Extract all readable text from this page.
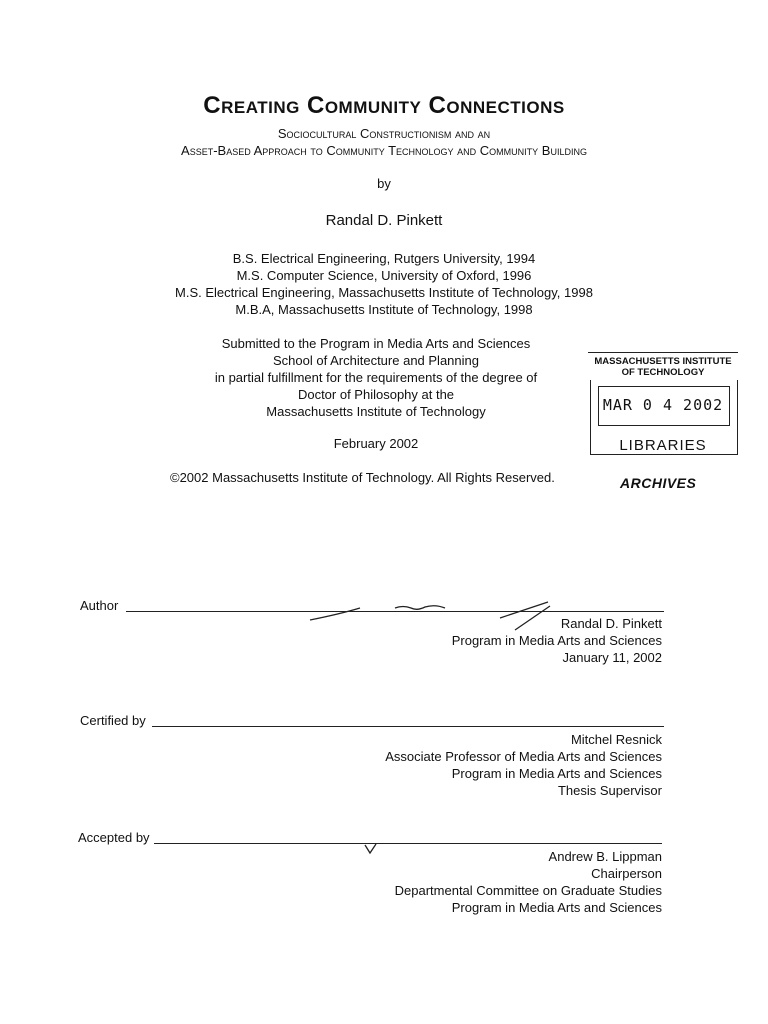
Creating Community Connections
Sociocultural Constructionism and an
Asset-Based Approach to Community Technology and Community Building
by
Randal D. Pinkett
B.S. Electrical Engineering, Rutgers University, 1994
M.S. Computer Science, University of Oxford, 1996
M.S. Electrical Engineering, Massachusetts Institute of Technology, 1998
M.B.A, Massachusetts Institute of Technology, 1998
Submitted to the Program in Media Arts and Sciences
School of Architecture and Planning
in partial fulfillment for the requirements of the degree of
Doctor of Philosophy at the
Massachusetts Institute of Technology
February 2002
©2002 Massachusetts Institute of Technology. All Rights Reserved.
MASSACHUSETTS INSTITUTE
OF TECHNOLOGY
MAR 0 4 2002
LIBRARIES
ARCHIVES
Author
Randal D. Pinkett
Program in Media Arts and Sciences
January 11, 2002
Certified by
Mitchel Resnick
Associate Professor of Media Arts and Sciences
Program in Media Arts and Sciences
Thesis Supervisor
Accepted by
Andrew B. Lippman
Chairperson
Departmental Committee on Graduate Studies
Program in Media Arts and Sciences
